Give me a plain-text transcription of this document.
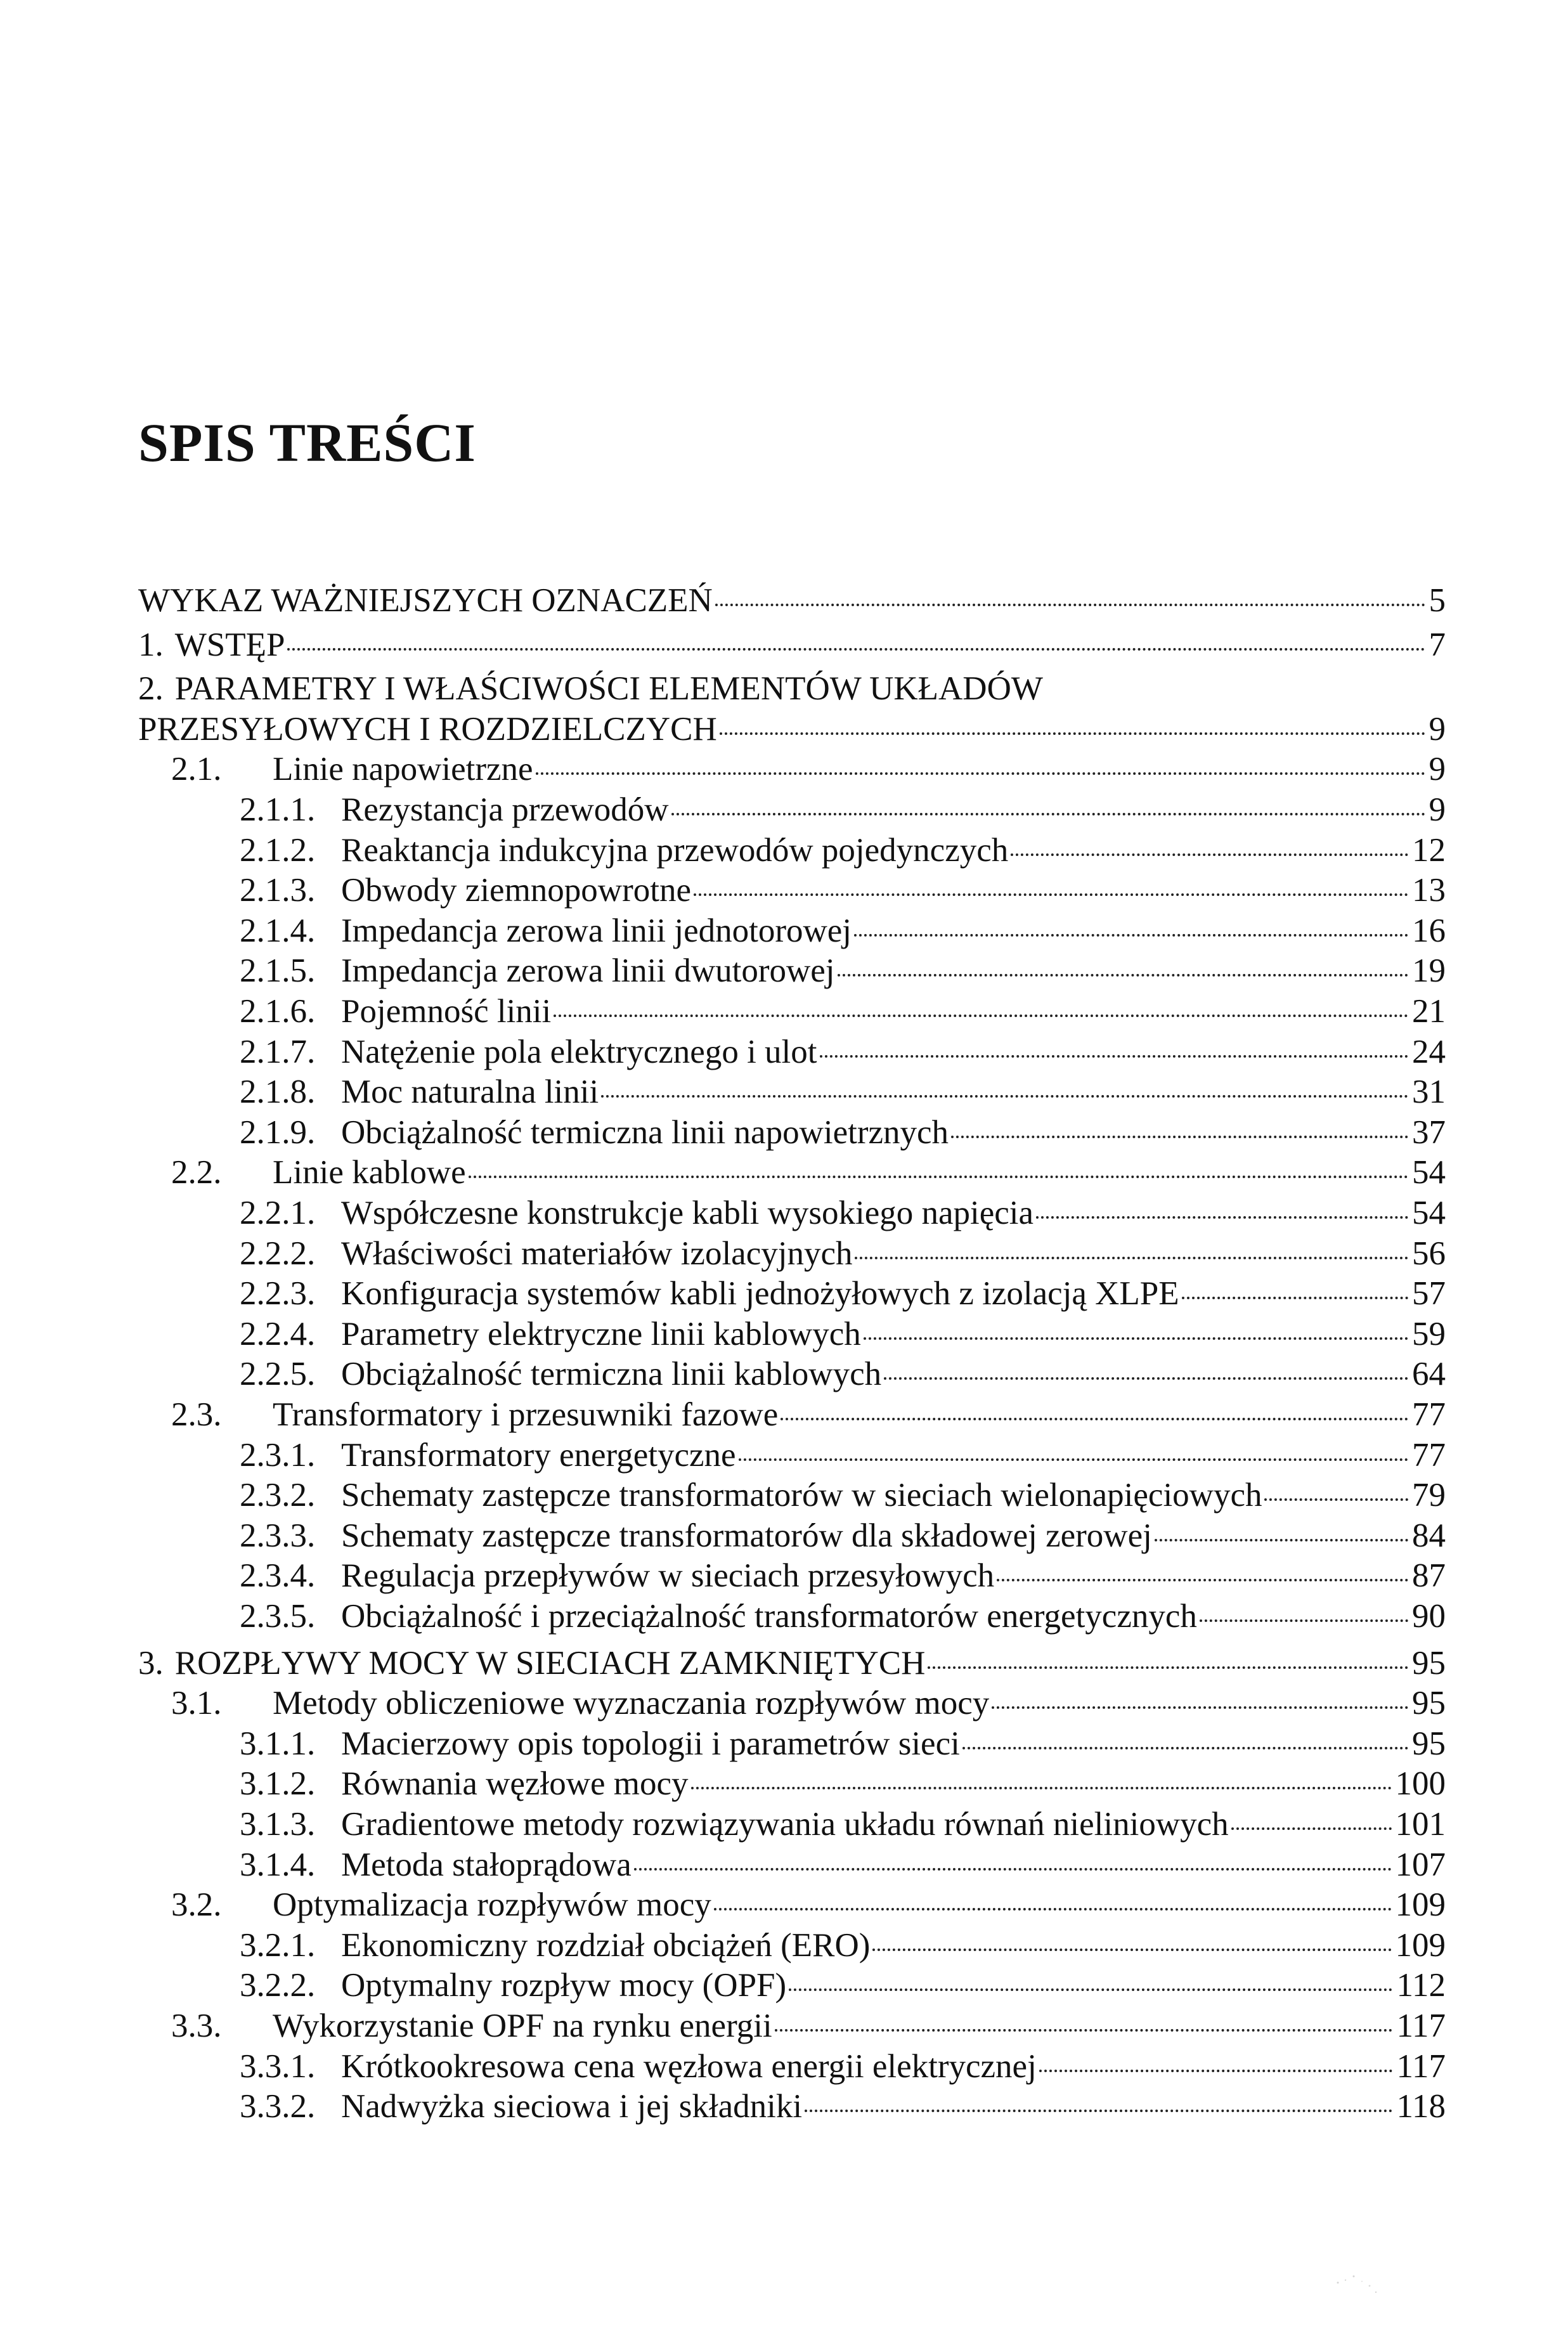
SPIS TREŚCI
WYKAZ WAŻNIEJSZYCH OZNACZEŃ	5
1. WSTĘP	7
2. PARAMETRY I WŁAŚCIWOŚCI ELEMENTÓW UKŁADÓW
PRZESYŁOWYCH I ROZDZIELCZYCH	9
2.1.	Linie napowietrzne	9
2.1.1. Rezystancja przewodów	9
2.1.2. Reaktancja indukcyjna przewodów pojedynczych	12
2.1.3. Obwody ziemnopowrotne	13
2.1.4. Impedancja zerowa linii jednotorowej	16
2.1.5. Impedancja zerowa linii dwutorowej	19
2.1.6. Pojemność linii	21
2.1.7. Natężenie pola elektrycznego i ulot	24
2.1.8. Moc naturalna linii	31
2.1.9. Obciążalność termiczna linii napowietrznych	37
2.2.	Linie kablowe	54
2.2.1. Współczesne konstrukcje kabli wysokiego napięcia	54
2.2.2. Właściwości materiałów izolacyjnych	56
2.2.3. Konfiguracja systemów kabli jednożyłowych z izolacją XLPE	57
2.2.4. Parametry elektryczne linii kablowych	59
2.2.5. Obciążalność termiczna linii kablowych	64
2.3.	Transformatory i przesuwniki fazowe	77
2.3.1. Transformatory energetyczne	77
2.3.2. Schematy zastępcze transformatorów w sieciach wielonapięciowych	79
2.3.3. Schematy zastępcze transformatorów dla składowej zerowej	84
2.3.4. Regulacja przepływów w sieciach przesyłowych	87
2.3.5. Obciążalność i przeciążalność transformatorów energetycznych	90
3. ROZPŁYWY MOCY W SIECIACH ZAMKNIĘTYCH	95
3.1.	Metody obliczeniowe wyznaczania rozpływów mocy	95
3.1.1. Macierzowy opis topologii i parametrów sieci	95
3.1.2. Równania węzłowe mocy	100
3.1.3. Gradientowe metody rozwiązywania układu równań nieliniowych	101
3.1.4. Metoda stałoprądowa	107
3.2.	Optymalizacja rozpływów mocy	109
3.2.1. Ekonomiczny rozdział obciążeń (ERO)	109
3.2.2. Optymalny rozpływ mocy (OPF)	112
3.3.	Wykorzystanie OPF na rynku energii	117
3.3.1. Krótkookresowa cena węzłowa energii elektrycznej	117
3.3.2. Nadwyżka sieciowa i jej składniki	118
